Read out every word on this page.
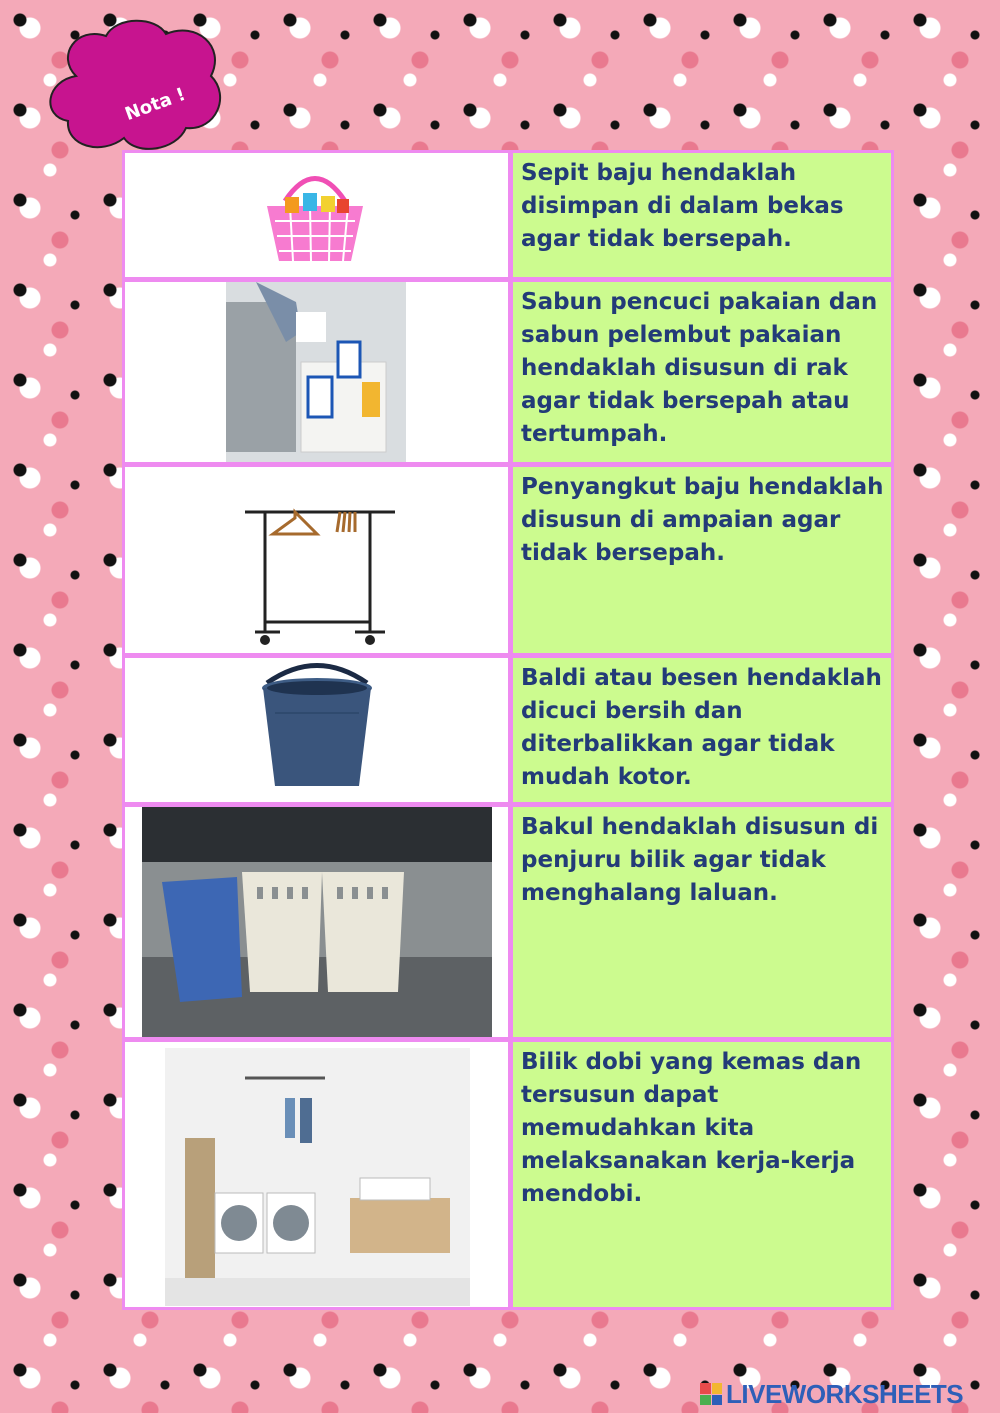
Nota !
Sepit baju hendaklah disimpan di dalam bekas agar tidak bersepah.
Sabun pencuci pakaian dan sabun pelembut pakaian hendaklah disusun di rak agar tidak bersepah atau tertumpah.
Penyangkut baju hendaklah disusun di ampaian agar tidak bersepah.
Baldi atau besen hendaklah dicuci bersih dan diterbalikkan agar tidak mudah kotor.
Bakul hendaklah disusun di penjuru bilik agar tidak menghalang laluan.
Bilik dobi yang kemas dan tersusun dapat memudahkan kita melaksanakan kerja-kerja mendobi.
LIVEWORKSHEETS
